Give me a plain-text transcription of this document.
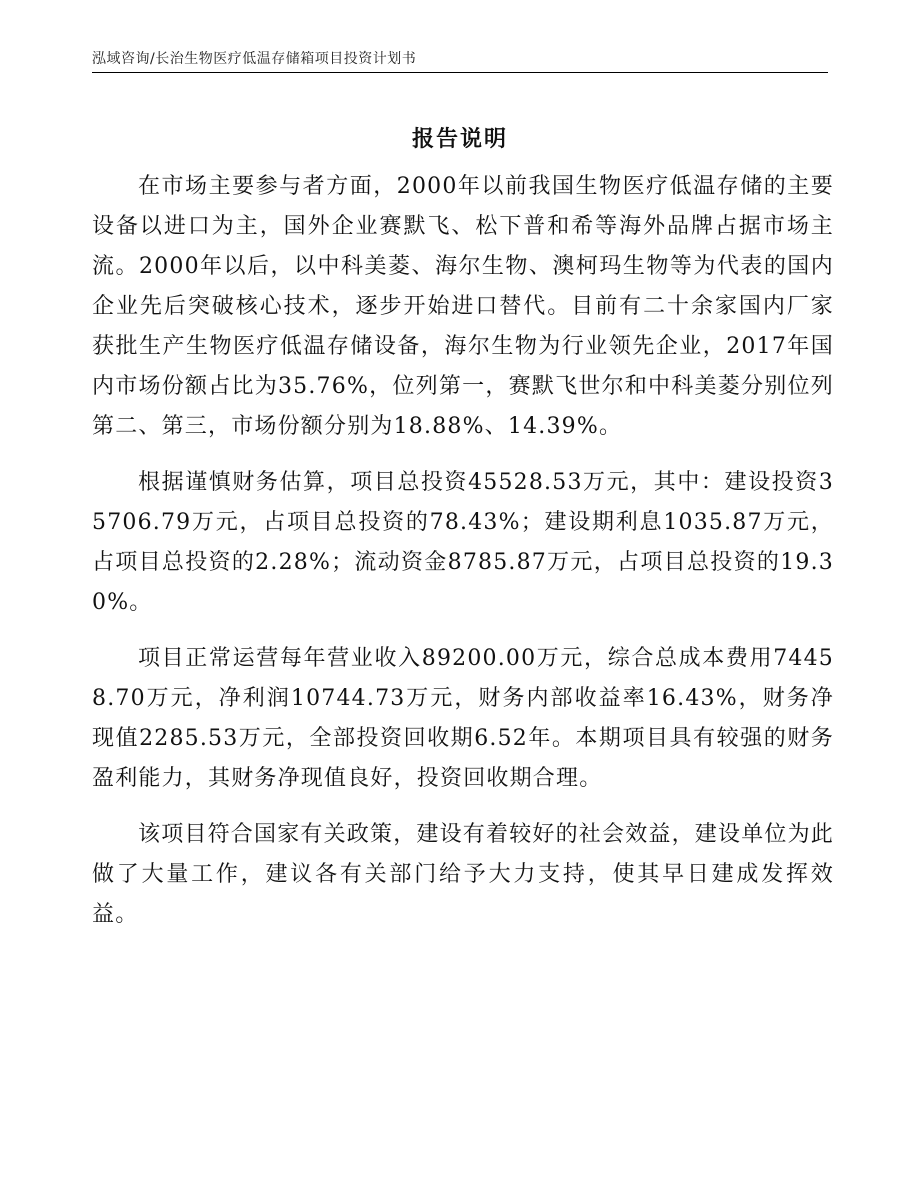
泓域咨询/长治生物医疗低温存储箱项目投资计划书
报告说明

在市场主要参与者方面，2000年以前我国生物医疗低温存储的主要设备以进口为主，国外企业赛默飞、松下普和希等海外品牌占据市场主流。2000年以后，以中科美菱、海尔生物、澳柯玛生物等为代表的国内企业先后突破核心技术，逐步开始进口替代。目前有二十余家国内厂家获批生产生物医疗低温存储设备，海尔生物为行业领先企业，2017年国内市场份额占比为35.76%，位列第一，赛默飞世尔和中科美菱分别位列第二、第三，市场份额分别为18.88%、14.39%。

根据谨慎财务估算，项目总投资45528.53万元，其中：建设投资35706.79万元，占项目总投资的78.43%；建设期利息1035.87万元，占项目总投资的2.28%；流动资金8785.87万元，占项目总投资的19.30%。

项目正常运营每年营业收入89200.00万元，综合总成本费用74458.70万元，净利润10744.73万元，财务内部收益率16.43%，财务净现值2285.53万元，全部投资回收期6.52年。本期项目具有较强的财务盈利能力，其财务净现值良好，投资回收期合理。

该项目符合国家有关政策，建设有着较好的社会效益，建设单位为此做了大量工作，建议各有关部门给予大力支持，使其早日建成发挥效益。
